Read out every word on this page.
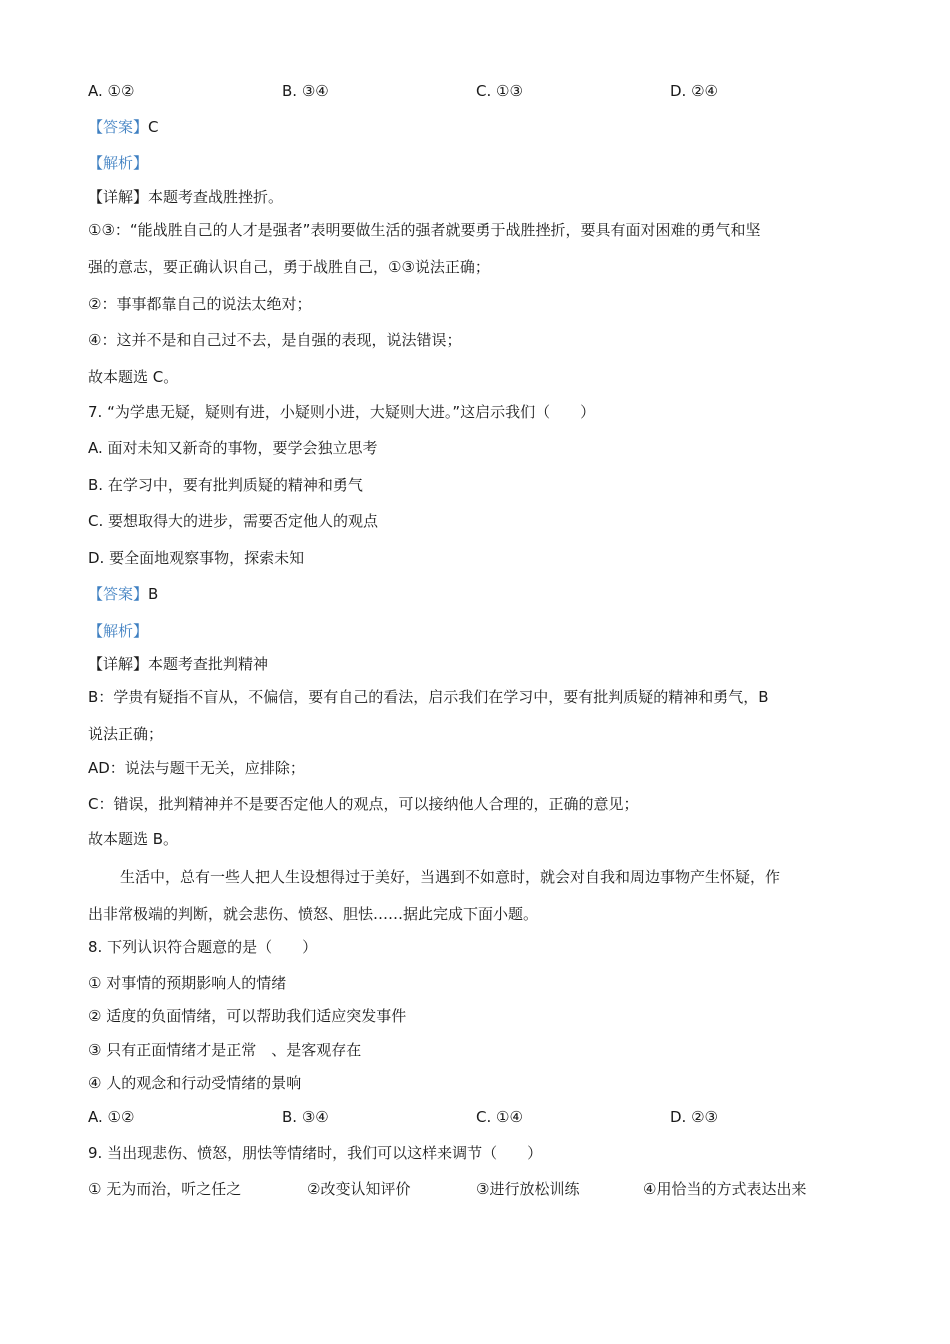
A. ①②	B. ③④	C. ①③	D. ②④
【答案】C
【解析】
【详解】本题考查战胜挫折。
①③：“能战胜自己的人才是强者”表明要做生活的强者就要勇于战胜挫折，要具有面对困难的勇气和坚
强的意志，要正确认识自己，勇于战胜自己，①③说法正确；
②：事事都靠自己的说法太绝对；
④：这并不是和自己过不去，是自强的表现，说法错误；
故本题选 C。
7. “为学患无疑，疑则有进，小疑则小进，大疑则大进。”这启示我们（　　）
A. 面对未知又新奇的事物，要学会独立思考
B. 在学习中，要有批判质疑的精神和勇气
C. 要想取得大的进步，需要否定他人的观点
D. 要全面地观察事物，探索未知
【答案】B
【解析】
【详解】本题考查批判精神
B：学贵有疑指不盲从，不偏信，要有自己的看法，启示我们在学习中，要有批判质疑的精神和勇气，B
说法正确；
AD：说法与题干无关，应排除；
C：错误，批判精神并不是要否定他人的观点，可以接纳他人合理的，正确的意见；
故本题选 B。
生活中，总有一些人把人生设想得过于美好，当遇到不如意时，就会对自我和周边事物产生怀疑，作
出非常极端的判断，就会悲伤、愤怒、胆怯……据此完成下面小题。
8. 下列认识符合题意的是（　　）
① 对事情的预期影响人的情绪
② 适度的负面情绪，可以帮助我们适应突发事件
③ 只有正面情绪才是正常　、是客观存在
④ 人的观念和行动受情绪的景响
A. ①②	B. ③④	C. ①④	D. ②③
9. 当出现悲伤、愤怒，朋怯等情绪时，我们可以这样来调节（　　）
① 无为而治，听之任之	②改变认知评价	③进行放松训练	④用恰当的方式表达出来
